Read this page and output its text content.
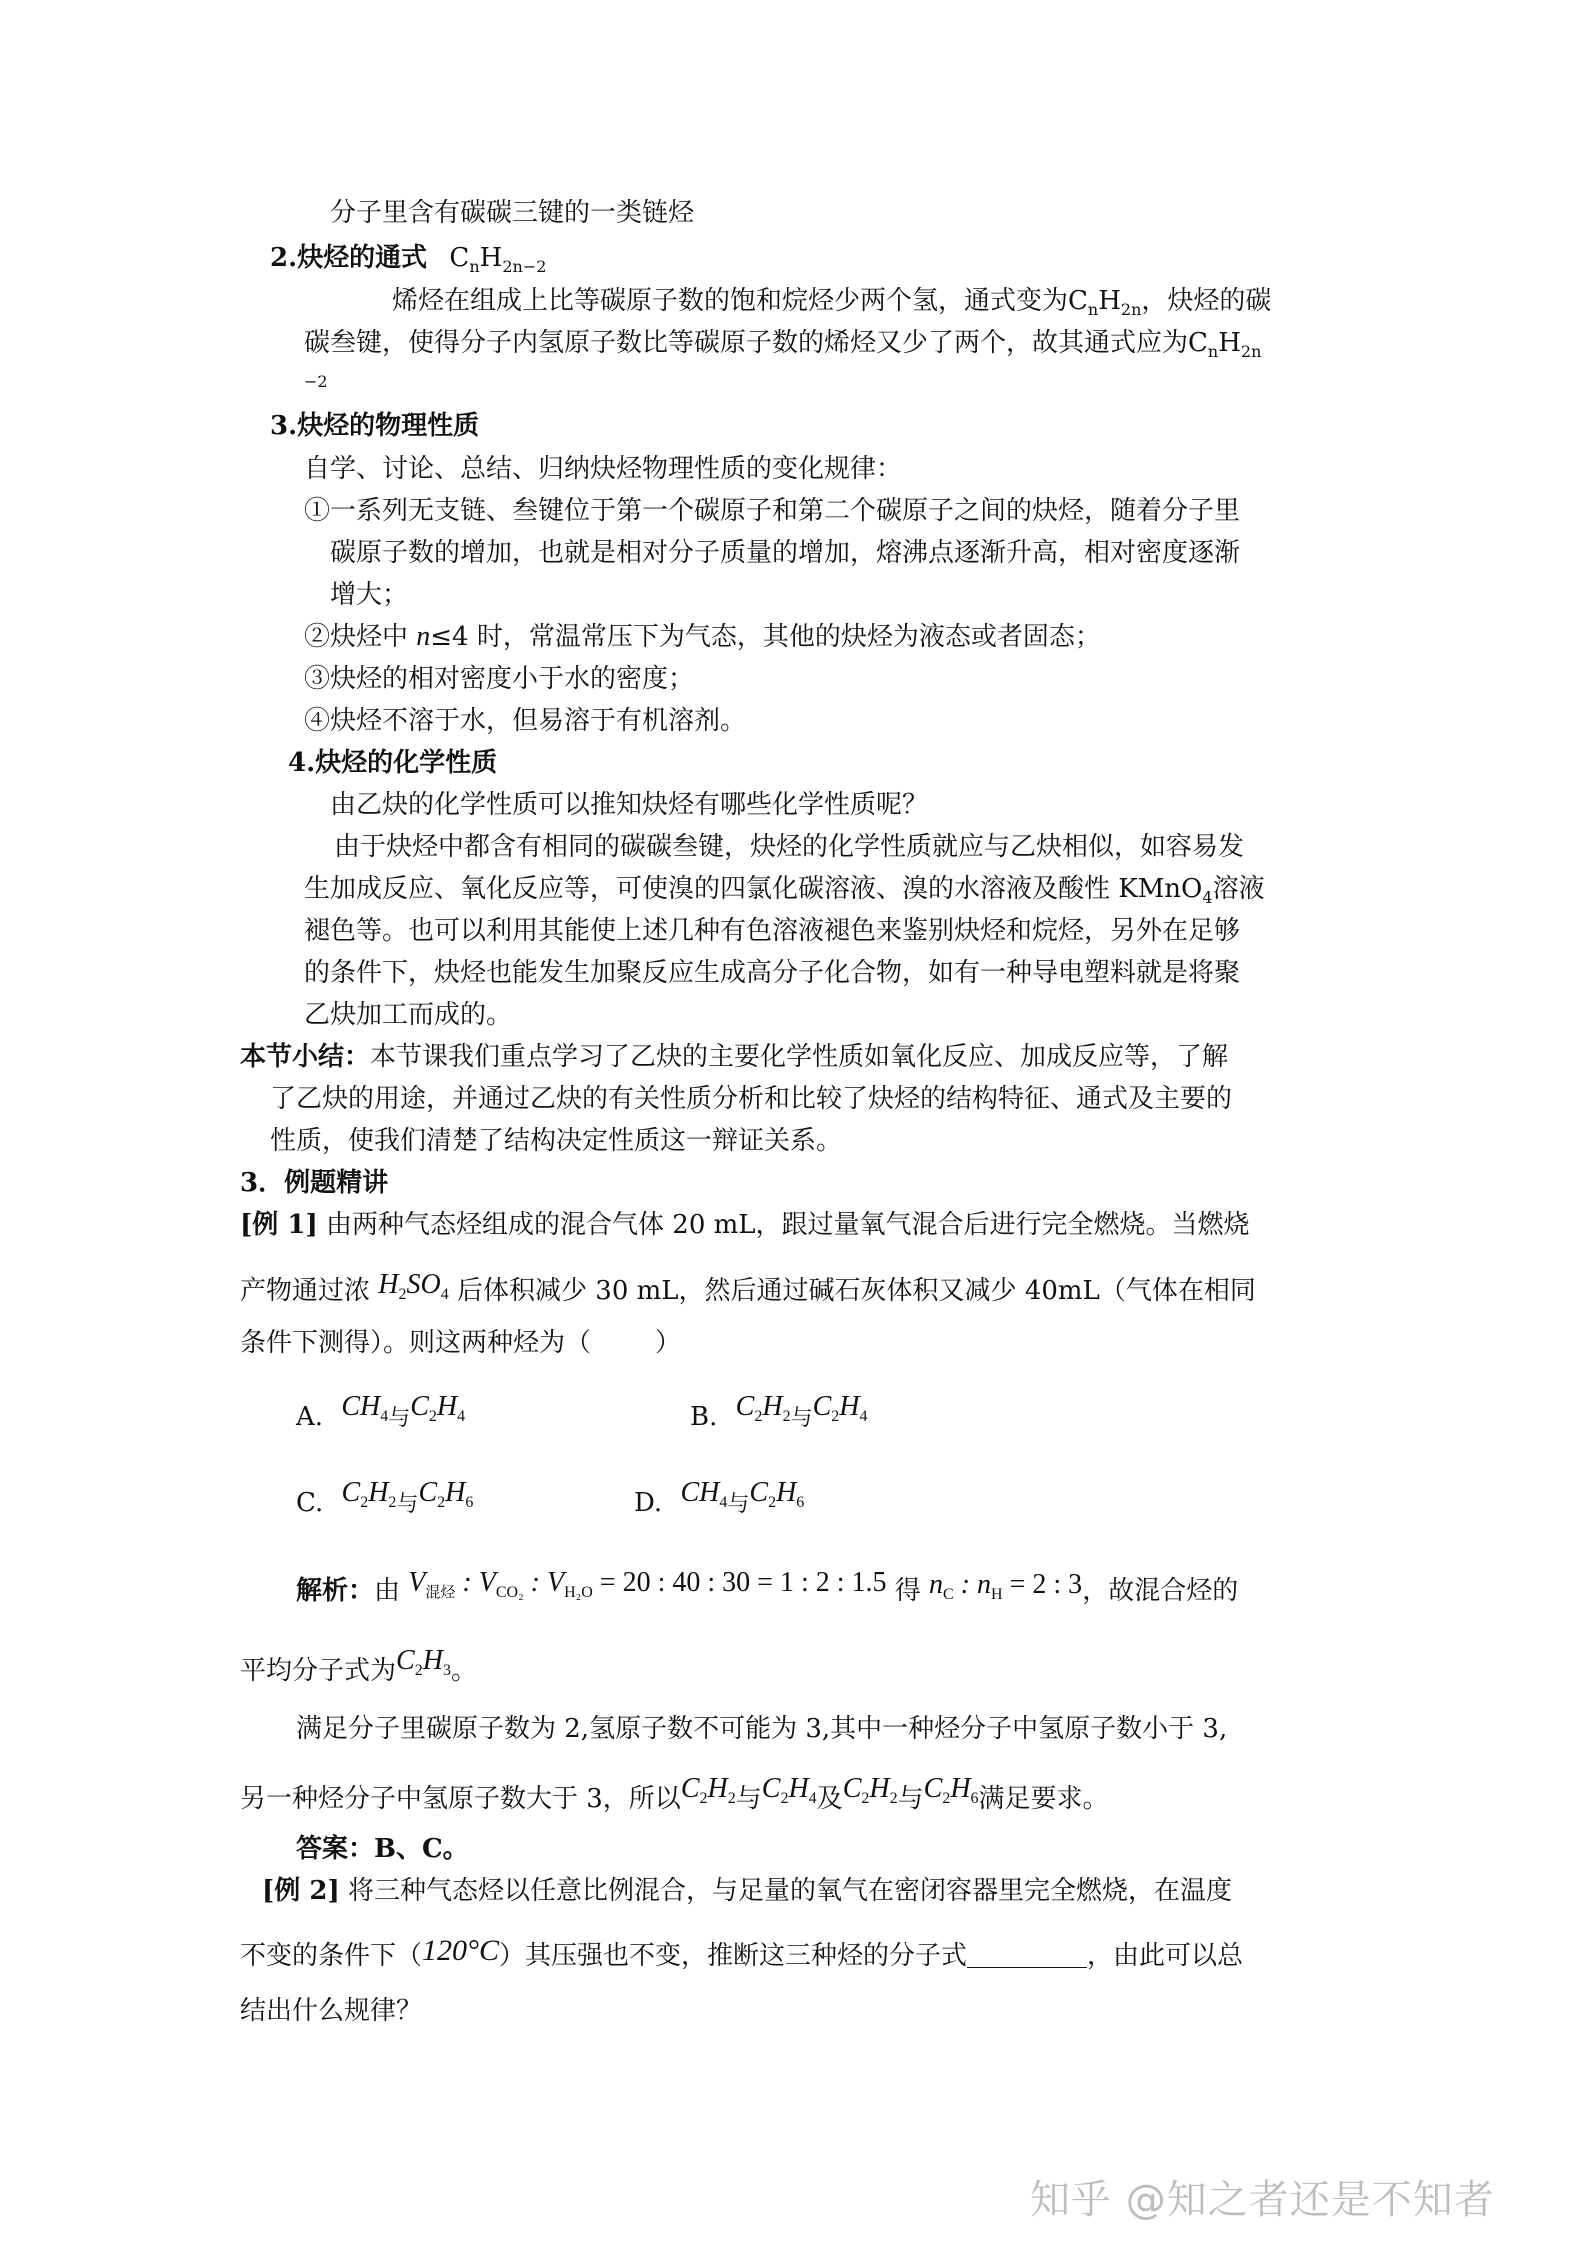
分子里含有碳碳三键的一类链烃
2.炔烃的通式 $C_nH_{2n-2}$
烯烃在组成上比等碳原子数的饱和烷烃少两个氢，通式变为$C_nH_{2n}$，炔烃的碳
碳叁键，使得分子内氢原子数比等碳原子数的烯烃又少了两个，故其通式应为$C_nH_{2n}$
−2
3.炔烃的物理性质
自学、讨论、总结、归纳炔烃物理性质的变化规律：
①一系列无支链、叁键位于第一个碳原子和第二个碳原子之间的炔烃，随着分子里
碳原子数的增加，也就是相对分子质量的增加，熔沸点逐渐升高，相对密度逐渐
增大；
②炔烃中 n≤4 时，常温常压下为气态，其他的炔烃为液态或者固态；
③炔烃的相对密度小于水的密度；
④炔烃不溶于水，但易溶于有机溶剂。
4.炔烃的化学性质
由乙炔的化学性质可以推知炔烃有哪些化学性质呢？
由于炔烃中都含有相同的碳碳叁键，炔烃的化学性质就应与乙炔相似，如容易发
生加成反应、氧化反应等，可使溴的四氯化碳溶液、溴的水溶液及酸性 KMnO$_4$溶液
褪色等。也可以利用其能使上述几种有色溶液褪色来鉴别炔烃和烷烃，另外在足够
的条件下，炔烃也能发生加聚反应生成高分子化合物，如有一种导电塑料就是将聚
乙炔加工而成的。
本节小结：本节课我们重点学习了乙炔的主要化学性质如氧化反应、加成反应等，了解
了乙炔的用途，并通过乙炔的有关性质分析和比较了炔烃的结构特征、通式及主要的
性质，使我们清楚了结构决定性质这一辩证关系。
3．例题精讲
[例 1] 由两种气态烃组成的混合气体 20 mL，跟过量氧气混合后进行完全燃烧。当燃烧
产物通过浓 $H_2SO_4$ 后体积减少 30 mL，然后通过碱石灰体积又减少 40mL（气体在相同
条件下测得）。则这两种烃为（ ）
A. $CH_4$与$C_2H_4$	B. $C_2H_2$与$C_2H_4$
C. $C_2H_2$与$C_2H_6$	D. $CH_4$与$C_2H_6$
解析：由 $V_{混烃}$ : $V_{CO_2}$ : $V_{H_2O} = 20$ : 40 : 30 = 1 : 2 : 1.5 得 $n_C$ : $n_H = 2$ : 3，故混合烃的
平均分子式为$C_2H_3$。
满足分子里碳原子数为 2,氢原子数不可能为 3,其中一种烃分子中氢原子数小于 3,
另一种烃分子中氢原子数大于 3，所以$C_2H_2$与$C_2H_4$及$C_2H_2$与$C_2H_6$满足要求。
答案：B、C。
[例 2] 将三种气态烃以任意比例混合，与足量的氧气在密闭容器里完全燃烧，在温度
不变的条件下（120°C）其压强也不变，推断这三种烃的分子式	，由此可以总
结出什么规律？
知乎 @知之者还是不知者
